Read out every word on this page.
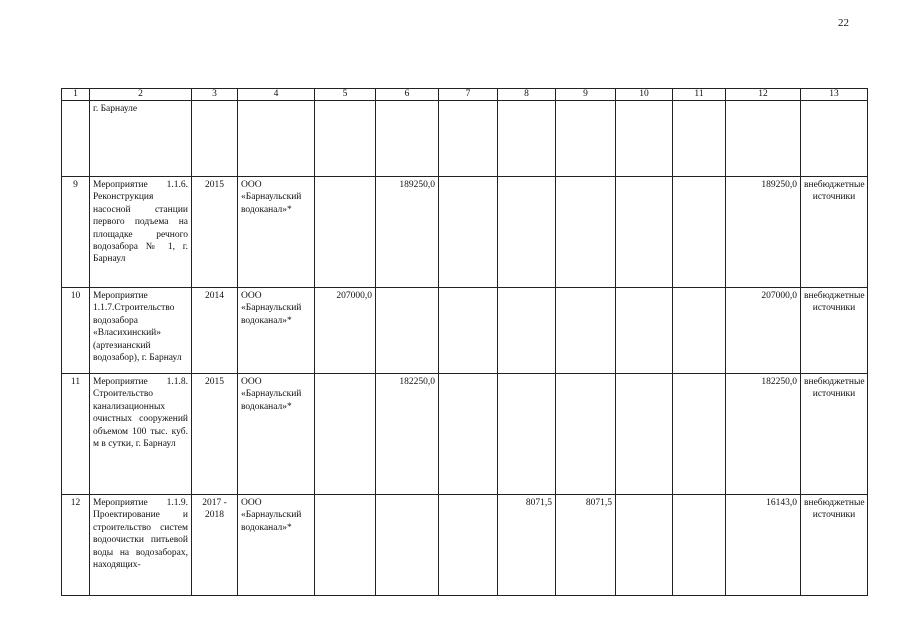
22
1	2	3	4	5	6	7	8	9	10	11	12	13
	г. Барнауле											
9	Мероприятие 1.1.6. Реконструкция насосной станции первого подъема на площадке речного водозабора № 1, г. Барнаул	2015	ООО «Барнаульский водоканал»*		189250,0						189250,0	внебюджетные источники
10	Мероприятие 1.1.7.Строительство водозабора «Власихинский» (артезианский водозабор), г. Барнаул	2014	ООО «Барнаульский водоканал»*	207000,0							207000,0	внебюджетные источники
11	Мероприятие 1.1.8. Строительство канализационных очистных сооружений объемом 100 тыс. куб. м в сутки, г. Барнаул	2015	ООО «Барнаульский водоканал»*		182250,0						182250,0	внебюджетные источники
12	Мероприятие 1.1.9. Проектирование и строительство систем водоочистки питьевой воды на водозаборах, находящих-	2017 - 2018	ООО «Барнаульский водоканал»*				8071,5	8071,5			16143,0	внебюджетные источники
